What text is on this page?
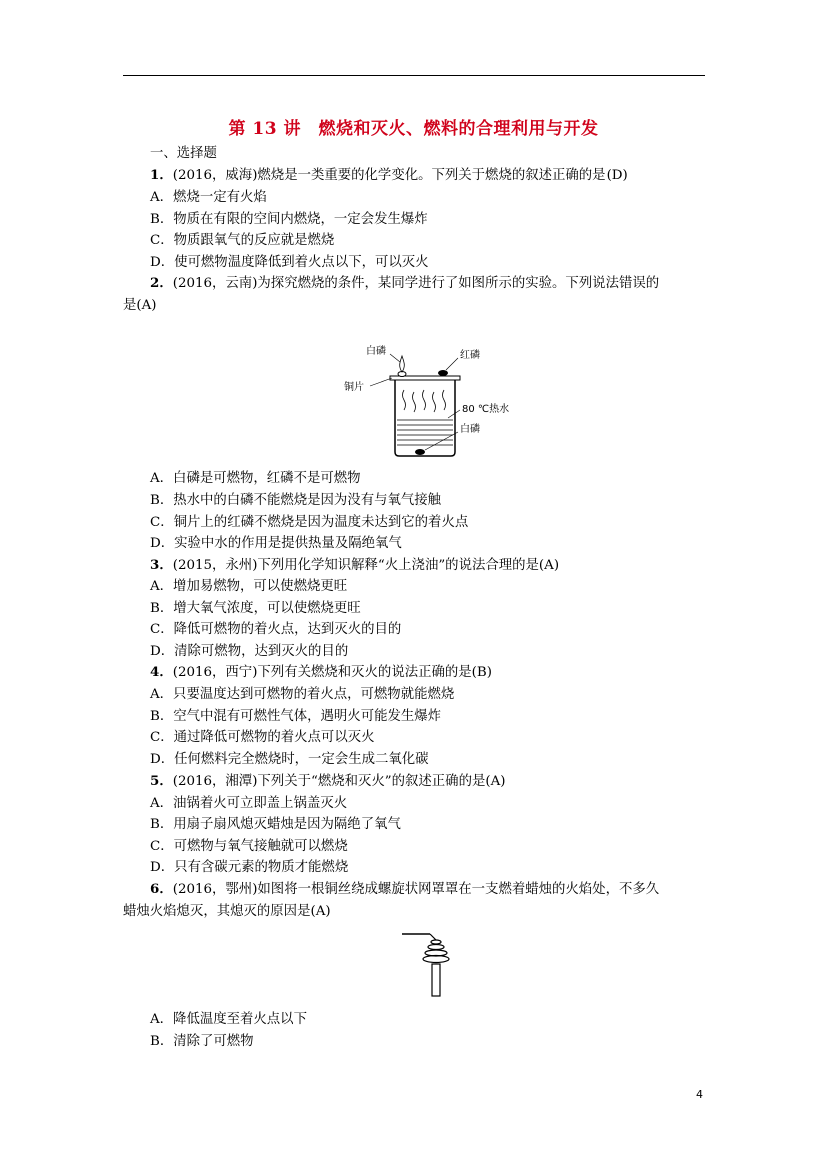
第 13 讲　燃烧和灭火、燃料的合理利用与开发
一、选择题
1．(2016，威海)燃烧是一类重要的化学变化。下列关于燃烧的叙述正确的是(D)
A．燃烧一定有火焰
B．物质在有限的空间内燃烧，一定会发生爆炸
C．物质跟氧气的反应就是燃烧
D．使可燃物温度降低到着火点以下，可以灭火
2．(2016，云南)为探究燃烧的条件，某同学进行了如图所示的实验。下列说法错误的
是(A)
白磷	红磷
铜片
80 ℃热水
白磷
A．白磷是可燃物，红磷不是可燃物
B．热水中的白磷不能燃烧是因为没有与氧气接触
C．铜片上的红磷不燃烧是因为温度未达到它的着火点
D．实验中水的作用是提供热量及隔绝氧气
3．(2015，永州)下列用化学知识解释“火上浇油”的说法合理的是(A)
A．增加易燃物，可以使燃烧更旺
B．增大氧气浓度，可以使燃烧更旺
C．降低可燃物的着火点，达到灭火的目的
D．清除可燃物，达到灭火的目的
4．(2016，西宁)下列有关燃烧和灭火的说法正确的是(B)
A．只要温度达到可燃物的着火点，可燃物就能燃烧
B．空气中混有可燃性气体，遇明火可能发生爆炸
C．通过降低可燃物的着火点可以灭火
D．任何燃料完全燃烧时，一定会生成二氧化碳
5．(2016，湘潭)下列关于“燃烧和灭火”的叙述正确的是(A)
A．油锅着火可立即盖上锅盖灭火
B．用扇子扇风熄灭蜡烛是因为隔绝了氧气
C．可燃物与氧气接触就可以燃烧
D．只有含碳元素的物质才能燃烧
6．(2016，鄂州)如图将一根铜丝绕成螺旋状网罩罩在一支燃着蜡烛的火焰处，不多久
蜡烛火焰熄灭，其熄灭的原因是(A)
A．降低温度至着火点以下
B．清除了可燃物
4
